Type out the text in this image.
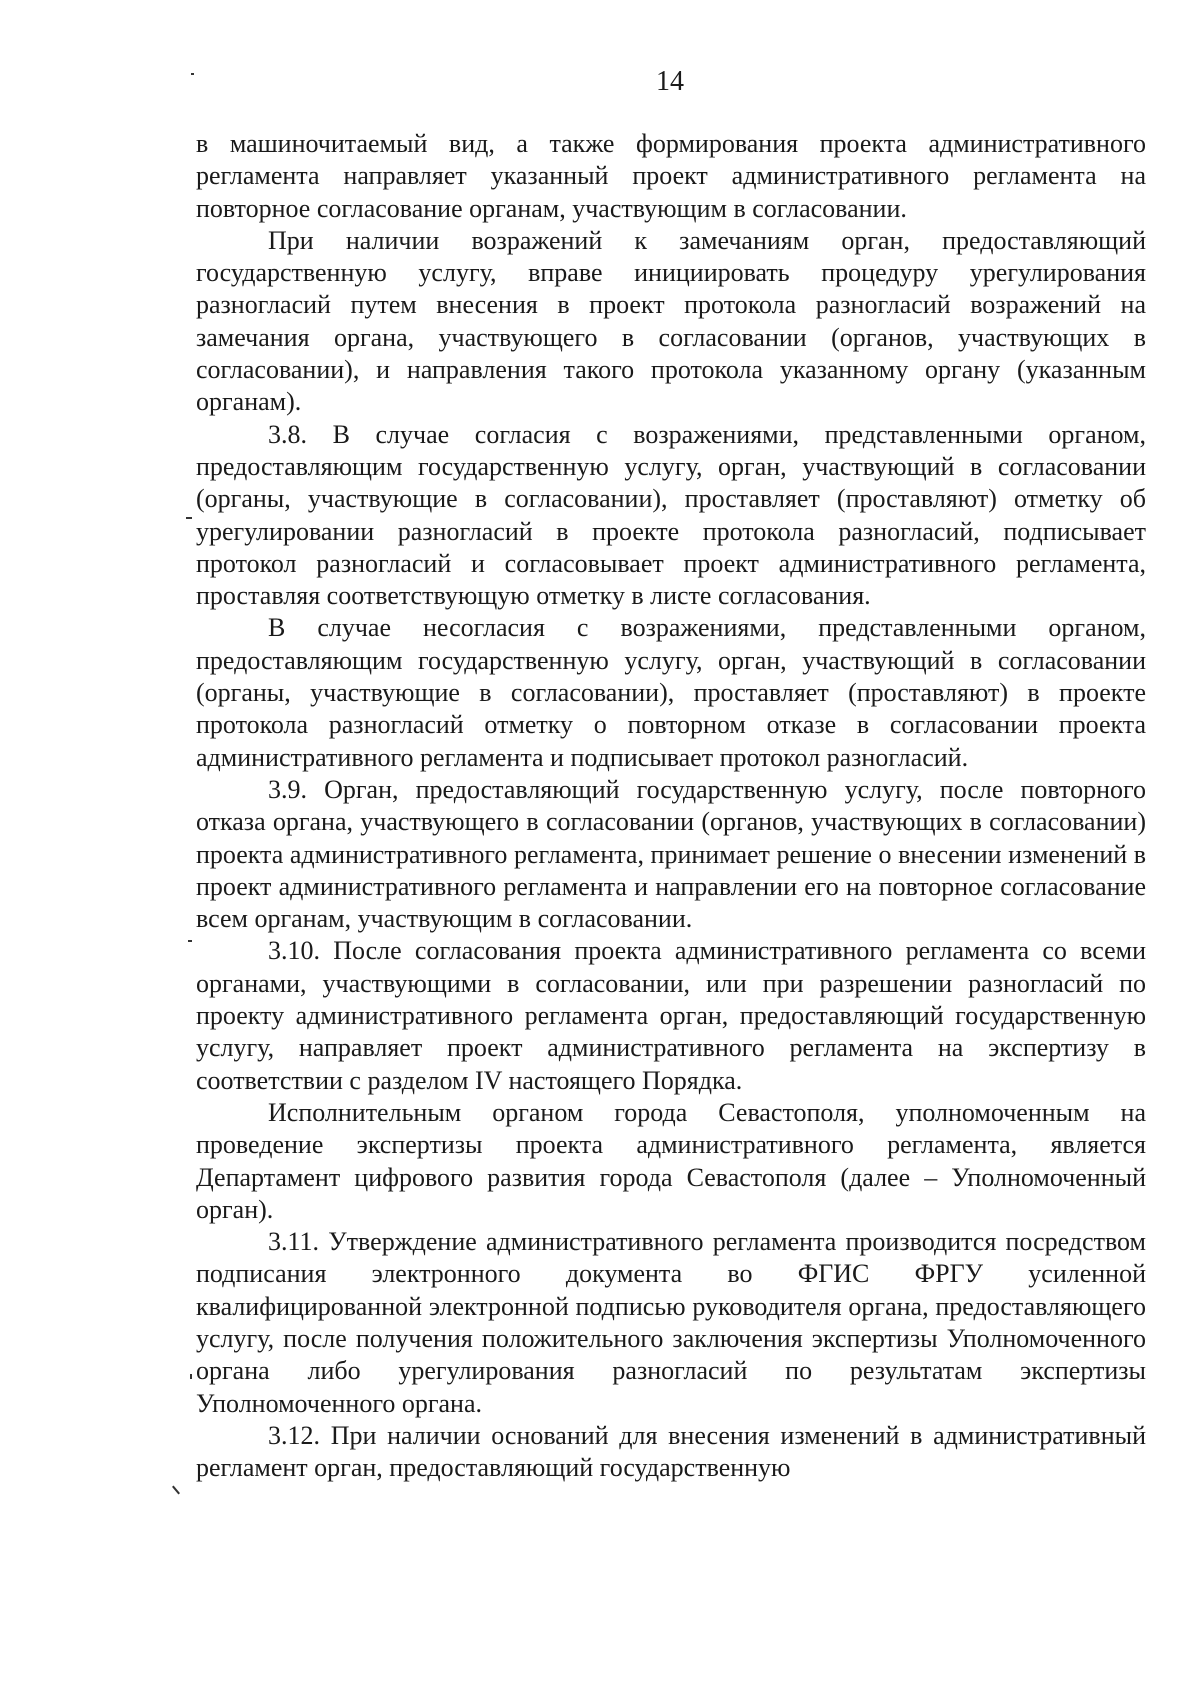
14

в машиночитаемый вид, а также формирования проекта административного регламента направляет указанный проект административного регламента на повторное согласование органам, участвующим в согласовании.

При наличии возражений к замечаниям орган, предоставляющий государственную услугу, вправе инициировать процедуру урегулирования разногласий путем внесения в проект протокола разногласий возражений на замечания органа, участвующего в согласовании (органов, участвующих в согласовании), и направления такого протокола указанному органу (указанным органам).

3.8. В случае согласия с возражениями, представленными органом, предоставляющим государственную услугу, орган, участвующий в согласовании (органы, участвующие в согласовании), проставляет (проставляют) отметку об урегулировании разногласий в проекте протокола разногласий, подписывает протокол разногласий и согласовывает проект административного регламента, проставляя соответствующую отметку в листе согласования.

В случае несогласия с возражениями, представленными органом, предоставляющим государственную услугу, орган, участвующий в согласовании (органы, участвующие в согласовании), проставляет (проставляют) в проекте протокола разногласий отметку о повторном отказе в согласовании проекта административного регламента и подписывает протокол разногласий.

3.9. Орган, предоставляющий государственную услугу, после повторного отказа органа, участвующего в согласовании (органов, участвующих в согласовании) проекта административного регламента, принимает решение о внесении изменений в проект административного регламента и направлении его на повторное согласование всем органам, участвующим в согласовании.

3.10. После согласования проекта административного регламента со всеми органами, участвующими в согласовании, или при разрешении разногласий по проекту административного регламента орган, предоставляющий государственную услугу, направляет проект административного регламента на экспертизу в соответствии с разделом IV настоящего Порядка.

Исполнительным органом города Севастополя, уполномоченным на проведение экспертизы проекта административного регламента, является Департамент цифрового развития города Севастополя (далее – Уполномоченный орган).

3.11. Утверждение административного регламента производится посредством подписания электронного документа во ФГИС ФРГУ усиленной квалифицированной электронной подписью руководителя органа, предоставляющего услугу, после получения положительного заключения экспертизы Уполномоченного органа либо урегулирования разногласий по результатам экспертизы Уполномоченного органа.

3.12. При наличии оснований для внесения изменений в административный регламент орган, предоставляющий государственную
